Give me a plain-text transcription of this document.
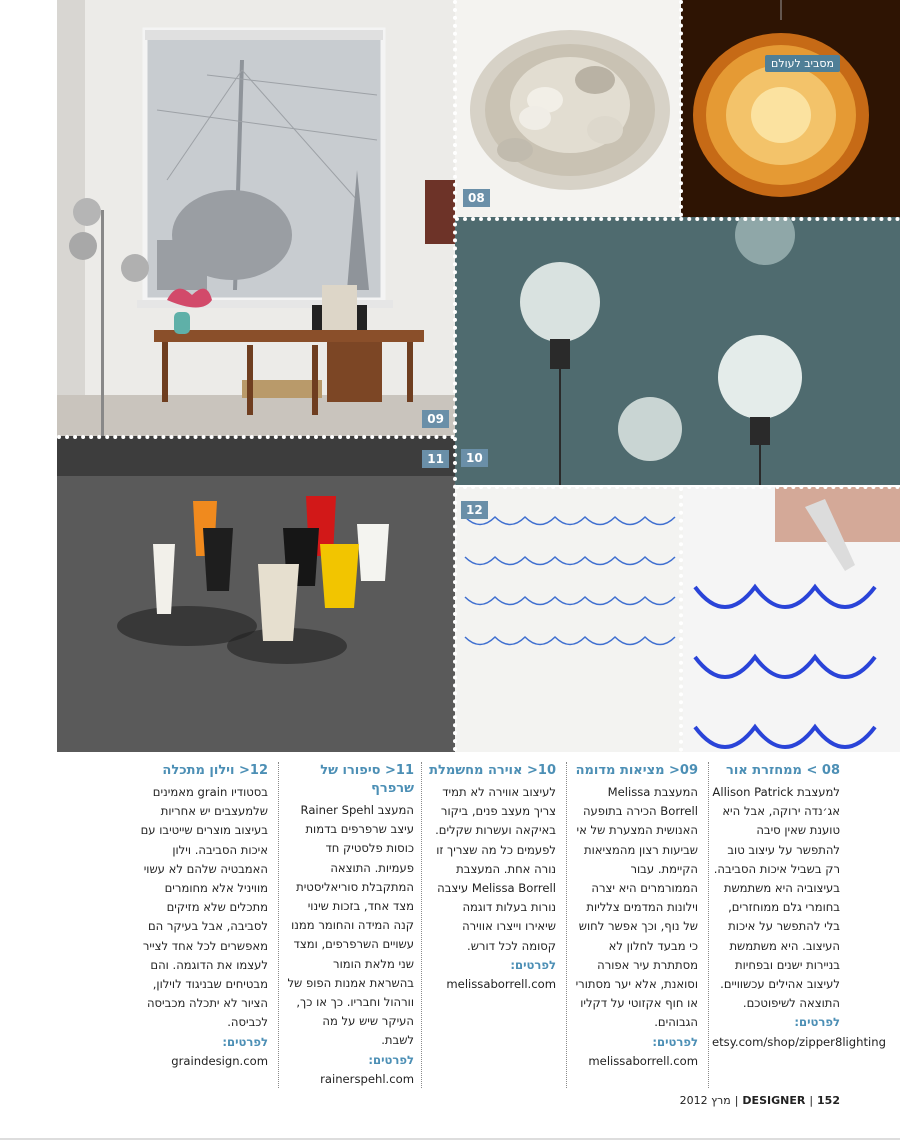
09
08
מסביב לעולם
10
11
12
08 > ממחזרת אור

למעצבת Allison Patrick אג׳נדה ירוקה, אבל היא טוענת שאין סיבה להתפשר על עיצוב טוב רק בשביל איכות הסביבה. בעיצוביה היא משתמשת בחומרי גלם ממוחזרים, בלי להתפשר על איכות העיצוב. היא משתמשת בניירות ישנים ובפחיות לעיצוב אהילים עכשוויים. התוצאה לשיפוטכם.

לפרטים:
etsy.com/shop/zipper8lighting
09< מציאות מדומה

המעצבת Melissa Borrell הכירה בתופעה האנושית המצערת של אי שביעות רצון מהמציאות הקיימת. עבור הממורמרים היא יצרה וילונות המדמים צלליות של נוף, וכך אפשר לחוש כי מבעד לחלון לא מסתתרת עיר אפורה וסואנת, אלא יער מסתורי או חוף אקזוטי על דקליו הגבוהים.

לפרטים:
melissaborrell.com
10< אוירה מחשמלת

לעיצוב אווירה לא תמיד צריך מעצב פנים, ביקור באיקאה ועשרות שקלים. לפעמים כל מה שצריך זו נורה אחת. המעצבת Melissa Borrell עיצבה נורות בעלות דוגמה שיאירו וייצרו אווירה קסומה לכל דורש.

לפרטים:
melissaborrell.com
11< סיפורו של שרפרף

המעצב Rainer Spehl עיצב שרפרפים בדמות כוסות פלסטיק חד פעמיות. התוצאה המתקבלת סוריאליסטית מצד אחד, בזכות שינוי קנה המידה והחומר ממנו עשויים השרפרפים, ומצד שני מלאת הומור בהשראת אמנות הפופ של וורהול וחבריו. כך או כך, העיקר שיש על מה לשבת.

לפרטים:
rainerspehl.com
12< וילון מתכלה

בסטודיו grain מאמינים שלמעצבים יש אחריות בעיצוב מוצרים שייטיבו עם איכות הסביבה. וילון האמבטיה שלהם לא עשוי מוויניל אלא מחומרים מתכלים שלא מזיקים לסביבה, אבל בעיקר הם מאפשרים לכל אחד לצייר לעצמו את הדוגמה. והם מבטיחים שבניגוד לוילון, הציור לא יתכלה מכביסה לכביסה.

לפרטים:
graindesign.com
152|DESIGNER|מרץ 2012
